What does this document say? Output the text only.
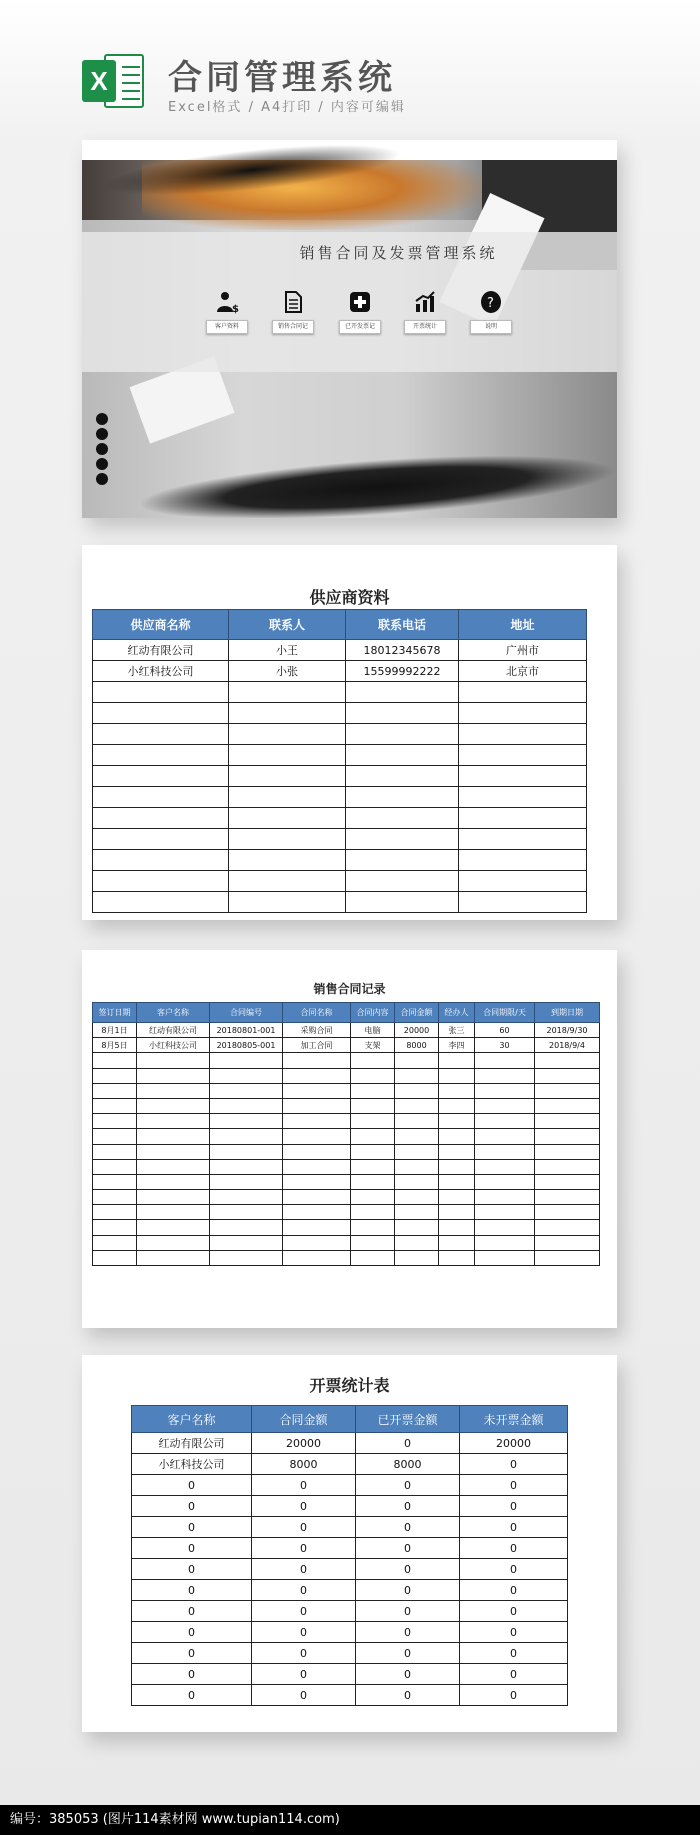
X 合同管理系统
Excel格式 / A4打印 / 内容可编辑
销售合同及发票管理系统
$
客户资料	销售合同记	已开发票记	开票统计
?
说明
供应商资料
供应商名称	联系人	联系电话	地址
红动有限公司	小王	18012345678	广州市
小红科技公司	小张	15599992222	北京市

销售合同记录
签订日期	客户名称	合同编号	合同名称	合同内容	合同金额	经办人	合同期限/天	到期日期
8月1日	红动有限公司	20180801-001	采购合同	电脑	20000	张三	60	2018/9/30
8月5日	小红科技公司	20180805-001	加工合同	支架	8000	李四	30	2018/9/4

开票统计表
客户名称	合同金额	已开票金额	未开票金额
红动有限公司	20000	0	20000
小红科技公司	8000	8000	0
0	0	0	0
0	0	0	0
0	0	0	0
0	0	0	0
0	0	0	0
0	0	0	0
0	0	0	0
0	0	0	0
0	0	0	0
0	0	0	0
0	0	0	0
编号：385053 (图片114素材网 www.tupian114.com)
